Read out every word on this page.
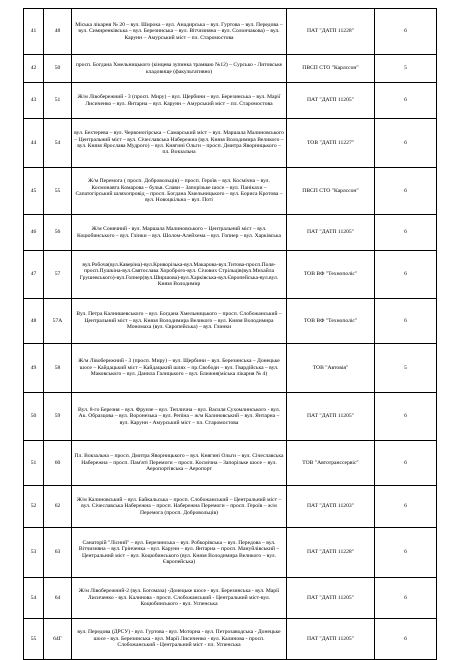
41	48	Міська лікарня № 20 – вул. Широка – вул. Анадирська – вул. Гуртова – вул. Передова – вул. Симиренківська – вул. Березинська – вул. Вітчизняна – вул. Солончакова) – вул. Карунн – Амурський міст – пл. Старомостова	ПАТ "ДАТП 11228"	6
42	50	просп. Богдана Хмельницького (кінцева зупинка трамваю №12) – Сурсько - Литовське кладовище (факультативно)	ПВСП СТО "Карлссон"	5
43	51	Ж/м Лівобережний - 3 (просп. Миру) – вул. Щербини – вул. Березинська – вул. Марії Лисиченко – вул. Янтарна – вул. Карунн – Амурський міст – пл. Старомостова	ПАТ "ДАТП 11205"	6
44	54	вул. Бехтерева – вул. Червоногірська – Самарський міст – вул. Маршала Малиновського – Центральний міст – вул. Січеславська Набережна (вул. Князя Володимира Великого – вул. Князя Ярослава Мудрого) – вул. Княгині Ольги – просп. Дмитра Яворницького – пл. Вокзальна	ТОВ "ДАТП 11227"	6
45	55	Ж/м Перемога ( просп. Добровольців) – просп. Героїв – вул. Космічна – вул. Космонавта Комарова – бульв. Слави – Запорізьке шосе – вул. Панікахи – Сапатогірський шляхопровід – просп. Богдана Хмельницького – вул. Бориса Кротова – вул. Новоцкільна – вул. Поті	ПВСП СТО "Карлссон"	6
46	56	Ж/м Сонячний - вул. Маршала Малиновського – Центральний міст – вул. Коцюбинського – вул. Глінки – вул. Шолом-Алейхема – вул. Гопнер – вул. Харківська	ПАТ "ДАТП 11205"	6
47	57	вул.Робоча(вул.Каверіна)-вул.Криворізька-вул.Макарова-вул.Титова-просп.Поля-просп.Пушкіна-вул.Святослава Хороброго-вул. Січових Стрільців(вул.Михайла Грушевського)-вул.Гопнер(вул.Ширшова)-вул.Харківська-вул.Європейська-вул.вул. Князя Володимир	ТОВ ВФ "Технополіс"	6
48	57А	Вул. Петра Калнишевського – вул. Богдана Хмельницького – просп. Слобожанський – Центральний міст – вул. Князя Володимира Великого – вул. Князя Володимира Мономаха (вул. Європейська) – вул. Глинки	ТОВ ВФ "Технополіс"	6
49	58	Ж/м Лівобережний - 3 (просп. Миру) – вул. Щербини – вул. Березинська – Донецьке шосе – Кайдацький міст – Кайдацький шлях – пр.Свободи – вул. Гвардійська – вул. Маковського – вул. Данила Галицького – вул. Ближня(міська лікарня № 4)	ТОВ "Автовія"	5
50	59	Вул. 8-го Березня – вул. Фрунзе – вул. Теплична – вул. Василя Сухомлинського - вул. Ак. Образцова – вул. Воронезька – вул. Репіна – ж/м Калиновський – вул. Янтарна – вул. Карунн - Амурський міст – пл. Старомостова	ПАТ "ДАТП 11205"	6
51	60	Пл. Вокзальна – просп. Дмитра Яворницького – вул. Княгині Ольги – вул. Січеславська Набережна – просп. Пам'яті Перемоги – просп. Космічна – Запорізьке шосе – вул. Аеропортівська – Аеропорт	ТОВ "Автотрансcервіс"	6
52	62	Ж/м Калиновський – вул. Байкальська – просп. Слобожанський – Центральний міст – вул. Січеславська Набережна – просп. Набережна Перемоги – просп. Героїв – ж/м Перемога (просп. Добровольців)	ПАТ "ДАТП 11203"	6
53	63	Санаторій "Лісний" – вул. Березинська – вул. Робкорівська – вул. Передова – вул. Вітчизняна – вул. Грінченка – вул. Карунн – вул. Янтарна – просп. Мануйлівський – Центральний міст – вул. Коцюбинського (вул. Князя Володимира Великого – вул. Європейська)	ПАТ "ДАТП 11228"	6
54	64	Ж/м Лівобережний-2 (вул. Богомаза) -Донецьке шосе - вул. Березинська - вул. Марії Лисиченко - вул. Калинова - просп. Слобожанський - Центральний міст-вул. Коцюбинського - вул. Успенська	ПАТ "ДАТП 11205"	6
55	64Г	вул. Передова (ДРСУ) - вул. Гуртова - вул. Моторна - вул. Петрозаводська - Донецьке шосе - вул. Березинська - вул. Марії Лисиченко - вул. Калинова - просп. Слобожанський - Центральний міст - пл. Успенська	ПАТ "ДАТП 11205"	6
